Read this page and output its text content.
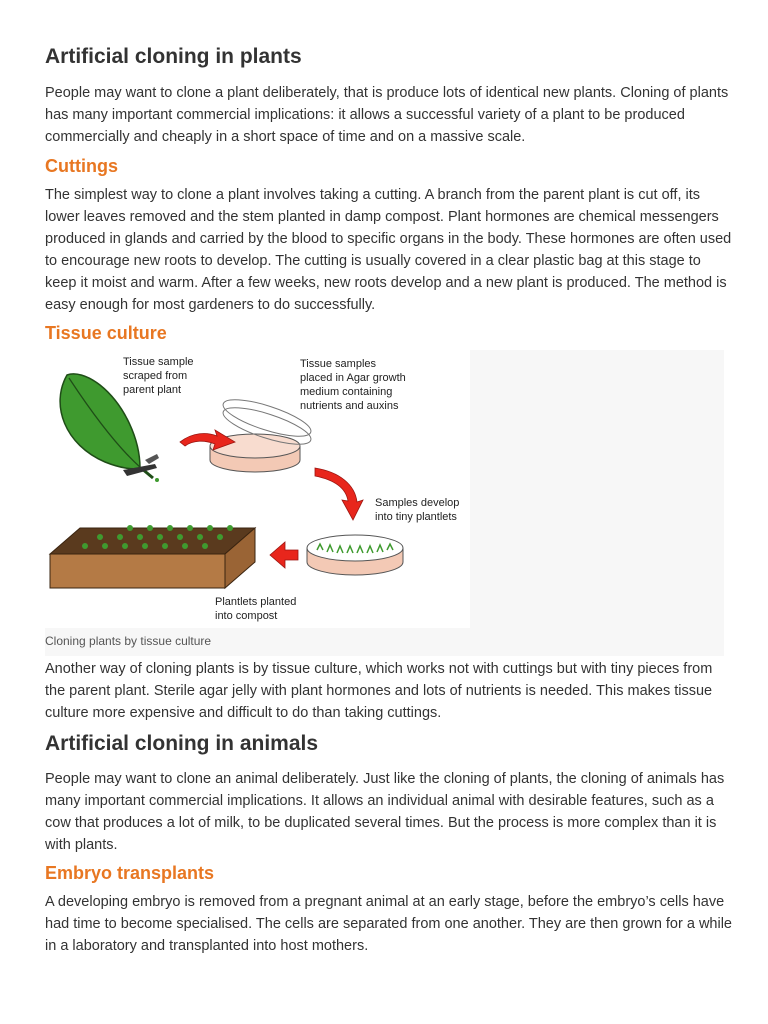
Artificial cloning in plants

People may want to clone a plant deliberately, that is produce lots of identical new plants. Cloning of plants has many important commercial implications: it allows a successful variety of a plant to be produced commercially and cheaply in a short space of time and on a massive scale.

Cuttings

The simplest way to clone a plant involves taking a cutting. A branch from the parent plant is cut off, its lower leaves removed and the stem planted in damp compost. Plant hormones are chemical messengers produced in glands and carried by the blood to specific organs in the body. These hormones are often used to encourage new roots to develop. The cutting is usually covered in a clear plastic bag at this stage to keep it moist and warm. After a few weeks, new roots develop and a new plant is produced. The method is easy enough for most gardeners to do successfully.

Tissue culture
Tissue sample
scraped from
parent plant
Tissue samples
placed in Agar growth
medium containing
nutrients and auxins
Samples develop
into tiny plantlets
Plantlets planted
into compost
Cloning plants by tissue culture

Another way of cloning plants is by tissue culture, which works not with cuttings but with tiny pieces from the parent plant. Sterile agar jelly with plant hormones and lots of nutrients is needed. This makes tissue culture more expensive and difficult to do than taking cuttings.

Artificial cloning in animals

People may want to clone an animal deliberately. Just like the cloning of plants, the cloning of animals has many important commercial implications. It allows an individual animal with desirable features, such as a cow that produces a lot of milk, to be duplicated several times. But the process is more complex than it is with plants.

Embryo transplants

A developing embryo is removed from a pregnant animal at an early stage, before the embryo’s cells have had time to become specialised. The cells are separated from one another. They are then grown for a while in a laboratory and transplanted into host mothers.
